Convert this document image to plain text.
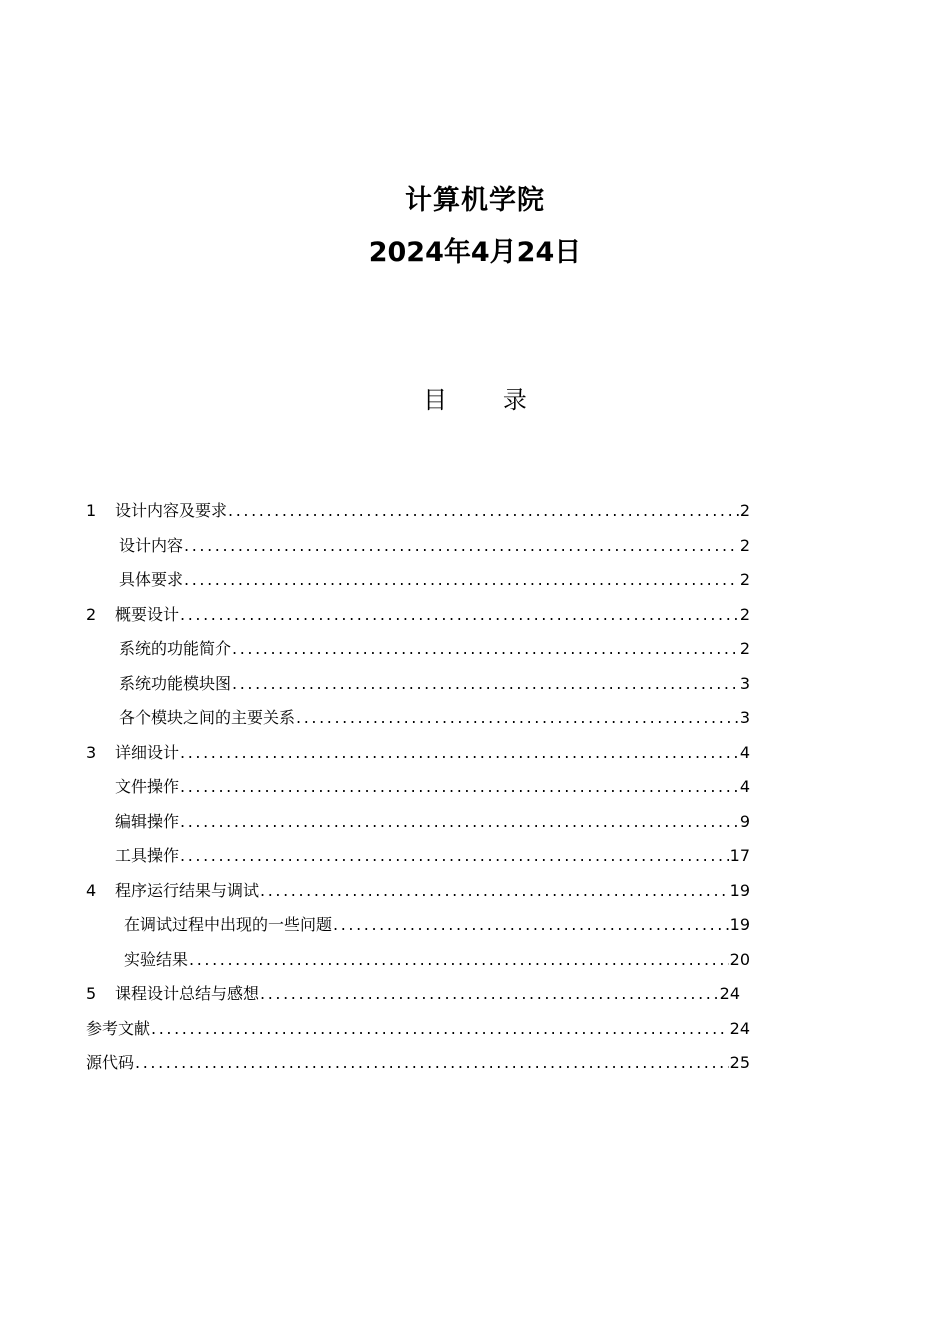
计算机学院
2024年4月24日
目 录
1	设计内容及要求 .....	2
设计内容 .....	2
具体要求 .....	2
2	概要设计 .....	2
系统的功能简介 .....	2
系统功能模块图 .....	3
各个模块之间的主要关系 .....	3
3	详细设计 .....	4
文件操作 .....	4
编辑操作 .....	9
工具操作 .....	17
4	程序运行结果与调试 .....	19
在调试过程中出现的一些问题 .....	19
实验结果 .....	20
5	课程设计总结与感想 .....	24
参考文献 .....	24
源代码 .....	25
